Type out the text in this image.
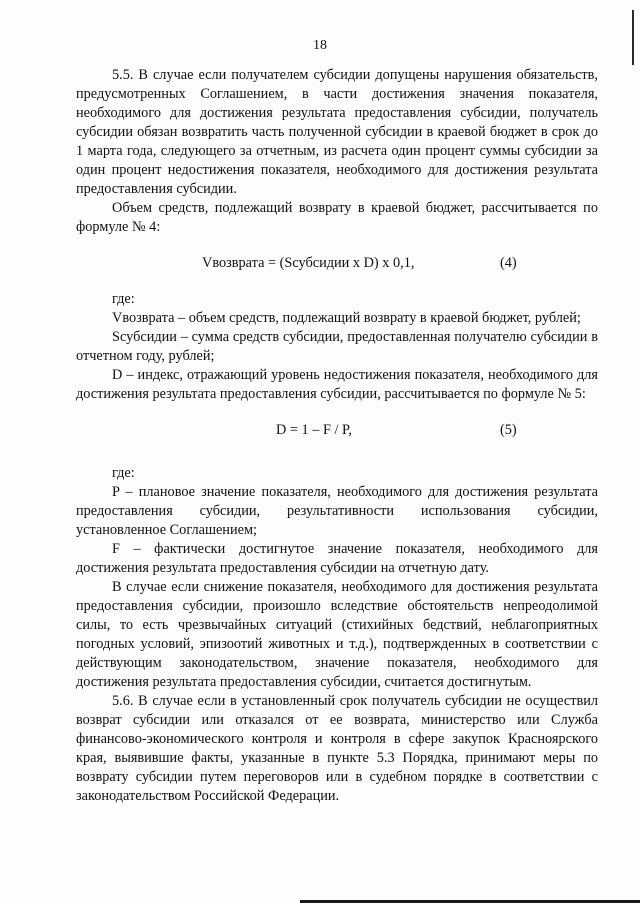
18

5.5. В случае если получателем субсидии допущены нарушения обязательств, предусмотренных Соглашением, в части достижения значения показателя, необходимого для достижения результата предоставления субсидии, получатель субсидии обязан возвратить часть полученной субсидии в краевой бюджет в срок до 1 марта года, следующего за отчетным, из расчета один процент суммы субсидии за один процент недостижения показателя, необходимого для достижения результата предоставления субсидии.

Объем средств, подлежащий возврату в краевой бюджет, рассчитывается по формуле № 4:

Vвозврата = (Sсубсидии x D) x 0,1,	(4)

где:

Vвозврата – объем средств, подлежащий возврату в краевой бюджет, рублей;

Sсубсидии – сумма средств субсидии, предоставленная получателю субсидии в отчетном году, рублей;

D – индекс, отражающий уровень недостижения показателя, необходимого для достижения результата предоставления субсидии, рассчитывается по формуле № 5:

D = 1 – F / P,	(5)

где:

P – плановое значение показателя, необходимого для достижения результата предоставления субсидии, результативности использования субсидии, установленное Соглашением;

F – фактически достигнутое значение показателя, необходимого для достижения результата предоставления субсидии на отчетную дату.

В случае если снижение показателя, необходимого для достижения результата предоставления субсидии, произошло вследствие обстоятельств непреодолимой силы, то есть чрезвычайных ситуаций (стихийных бедствий, неблагоприятных погодных условий, эпизоотий животных и т.д.), подтвержденных в соответствии с действующим законодательством, значение показателя, необходимого для достижения результата предоставления субсидии, считается достигнутым.

5.6. В случае если в установленный срок получатель субсидии не осуществил возврат субсидии или отказался от ее возврата, министерство или Служба финансово-экономического контроля и контроля в сфере закупок Красноярского края, выявившие факты, указанные в пункте 5.3 Порядка, принимают меры по возврату субсидии путем переговоров или в судебном порядке в соответствии с законодательством Российской Федерации.
